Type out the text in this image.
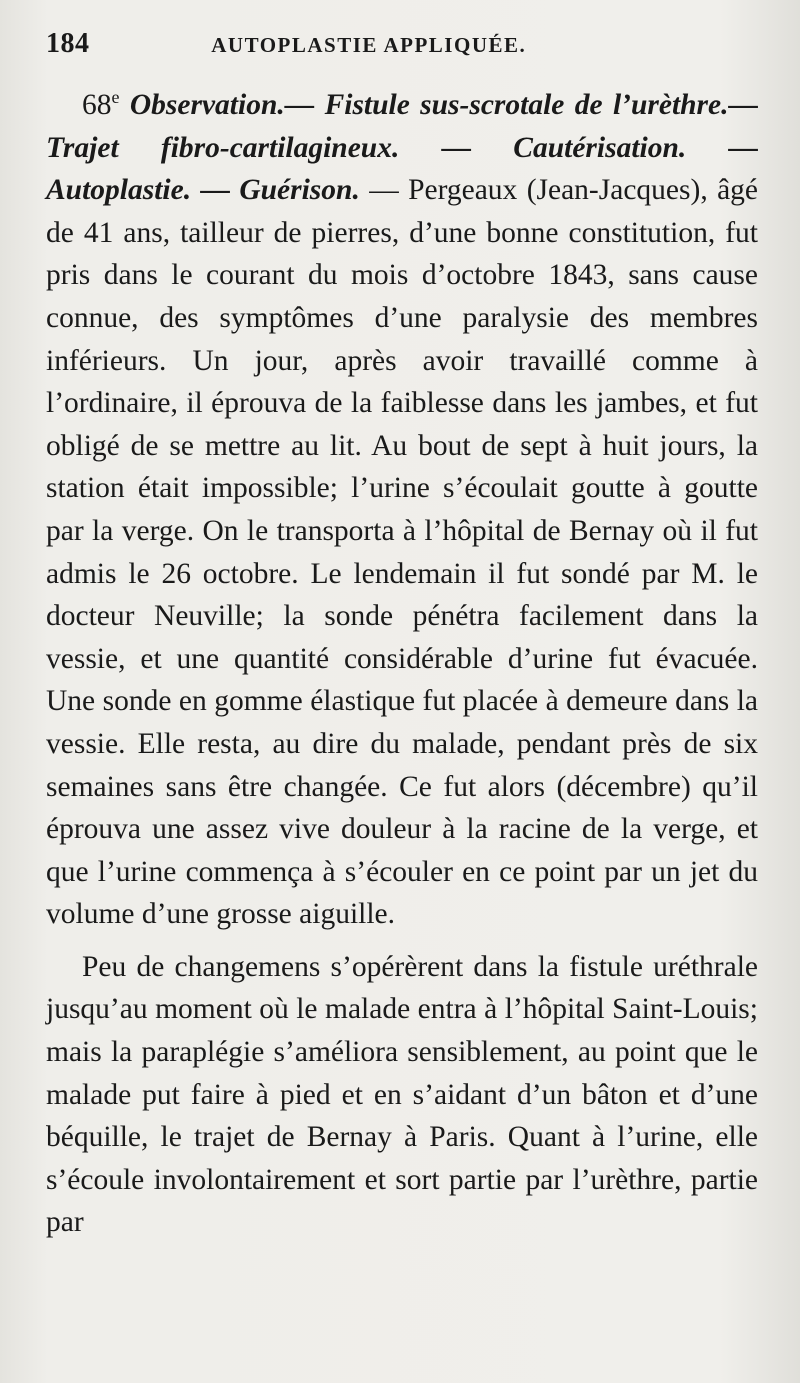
184	AUTOPLASTIE APPLIQUÉE.

68e Observation.— Fistule sus-scrotale de l’urèthre.— Trajet fibro-cartilagineux. — Cautérisation. — Autoplastie. — Guérison. — Pergeaux (Jean-Jacques), âgé de 41 ans, tailleur de pierres, d’une bonne constitution, fut pris dans le courant du mois d’octobre 1843, sans cause connue, des symptômes d’une paralysie des membres inférieurs. Un jour, après avoir travaillé comme à l’ordinaire, il éprouva de la faiblesse dans les jambes, et fut obligé de se mettre au lit. Au bout de sept à huit jours, la station était impossible; l’urine s’écoulait goutte à goutte par la verge. On le transporta à l’hôpital de Bernay où il fut admis le 26 octobre. Le lendemain il fut sondé par M. le docteur Neuville; la sonde pénétra facilement dans la vessie, et une quantité considérable d’urine fut évacuée. Une sonde en gomme élastique fut placée à demeure dans la vessie. Elle resta, au dire du malade, pendant près de six semaines sans être changée. Ce fut alors (décembre) qu’il éprouva une assez vive douleur à la racine de la verge, et que l’urine commença à s’écouler en ce point par un jet du volume d’une grosse aiguille.

Peu de changemens s’opérèrent dans la fistule uréthrale jusqu’au moment où le malade entra à l’hôpital Saint-Louis; mais la paraplégie s’améliora sensiblement, au point que le malade put faire à pied et en s’aidant d’un bâton et d’une béquille, le trajet de Bernay à Paris. Quant à l’urine, elle s’écoule involontairement et sort partie par l’urèthre, partie par
